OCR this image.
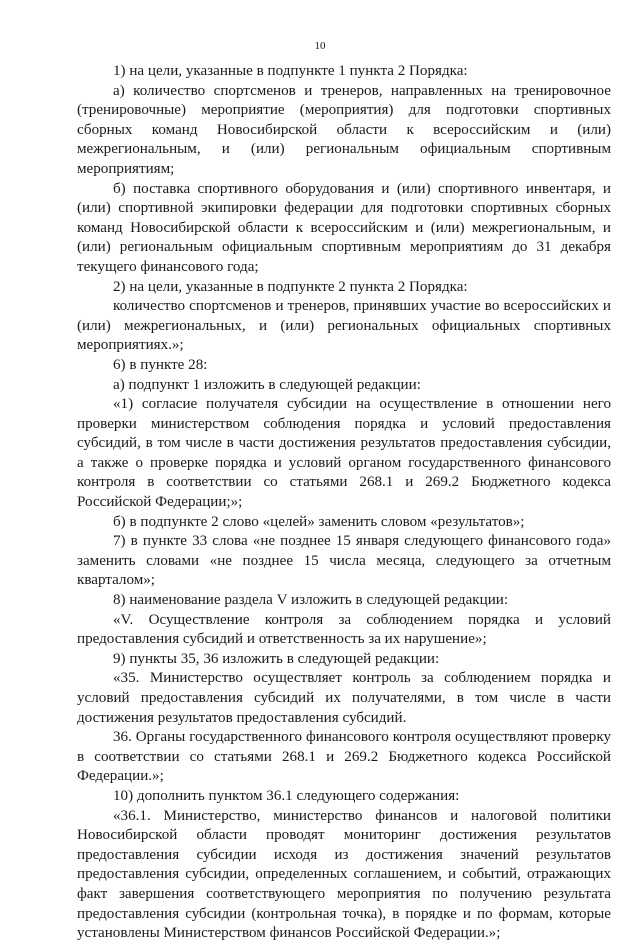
10

1) на цели, указанные в подпункте 1 пункта 2 Порядка:

а) количество спортсменов и тренеров, направленных на тренировочное (тренировочные) мероприятие (мероприятия) для подготовки спортивных сборных команд Новосибирской области к всероссийским и (или) межрегиональным, и (или) региональным официальным спортивным мероприятиям;

б) поставка спортивного оборудования и (или) спортивного инвентаря, и (или) спортивной экипировки федерации для подготовки спортивных сборных команд Новосибирской области к всероссийским и (или) межрегиональным, и (или) региональным официальным спортивным мероприятиям до 31 декабря текущего финансового года;

2) на цели, указанные в подпункте 2 пункта 2 Порядка:

количество спортсменов и тренеров, принявших участие во всероссийских и (или) межрегиональных, и (или) региональных официальных спортивных мероприятиях.»;

6) в пункте 28:

а) подпункт 1 изложить в следующей редакции:

«1) согласие получателя субсидии на осуществление в отношении него проверки министерством соблюдения порядка и условий предоставления субсидий, в том числе в части достижения результатов предоставления субсидии, а также о проверке порядка и условий органом государственного финансового контроля в соответствии со статьями 268.1 и 269.2 Бюджетного кодекса Российской Федерации;»;

б) в подпункте 2 слово «целей» заменить словом «результатов»;

7) в пункте 33 слова «не позднее 15 января следующего финансового года» заменить словами «не позднее 15 числа месяца, следующего за отчетным кварталом»;

8) наименование раздела V изложить в следующей редакции:

«V. Осуществление контроля за соблюдением порядка и условий предоставления субсидий и ответственность за их нарушение»;

9) пункты 35, 36 изложить в следующей редакции:

«35. Министерство осуществляет контроль за соблюдением порядка и условий предоставления субсидий их получателями, в том числе в части достижения результатов предоставления субсидий.

36. Органы государственного финансового контроля осуществляют проверку в соответствии со статьями 268.1 и 269.2 Бюджетного кодекса Российской Федерации.»;

10) дополнить пунктом 36.1 следующего содержания:

«36.1. Министерство, министерство финансов и налоговой политики Новосибирской области проводят мониторинг достижения результатов предоставления субсидии исходя из достижения значений результатов предоставления субсидии, определенных соглашением, и событий, отражающих факт завершения соответствующего мероприятия по получению результата предоставления субсидии (контрольная точка), в порядке и по формам, которые установлены Министерством финансов Российской Федерации.»;
